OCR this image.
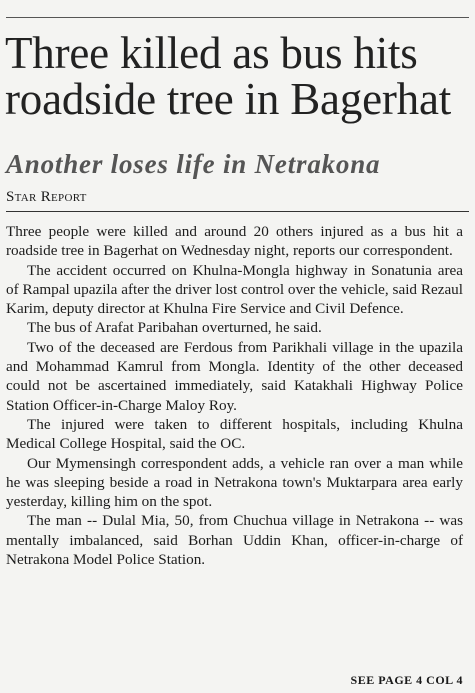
Three killed as bus hits roadside tree in Bagerhat
Another loses life in Netrakona
Star Report

Three people were killed and around 20 others injured as a bus hit a roadside tree in Bagerhat on Wednesday night, reports our correspondent.

The accident occurred on Khulna-Mongla highway in Sonatunia area of Rampal upazila after the driver lost control over the vehicle, said Rezaul Karim, deputy director at Khulna Fire Service and Civil Defence.

The bus of Arafat Paribahan overturned, he said.

Two of the deceased are Ferdous from Parikhali village in the upazila and Mohammad Kamrul from Mongla. Identity of the other deceased could not be ascertained immediately, said Katakhali Highway Police Station Officer-in-Charge Maloy Roy.

The injured were taken to different hospitals, including Khulna Medical College Hospital, said the OC.

Our Mymensingh correspondent adds, a vehicle ran over a man while he was sleeping beside a road in Netrakona town's Muktarpara area early yesterday, killing him on the spot.

The man -- Dulal Mia, 50, from Chuchua village in Netrakona -- was mentally imbalanced, said Borhan Uddin Khan, officer-in-charge of Netrakona Model Police Station.

SEE PAGE 4 COL 4
